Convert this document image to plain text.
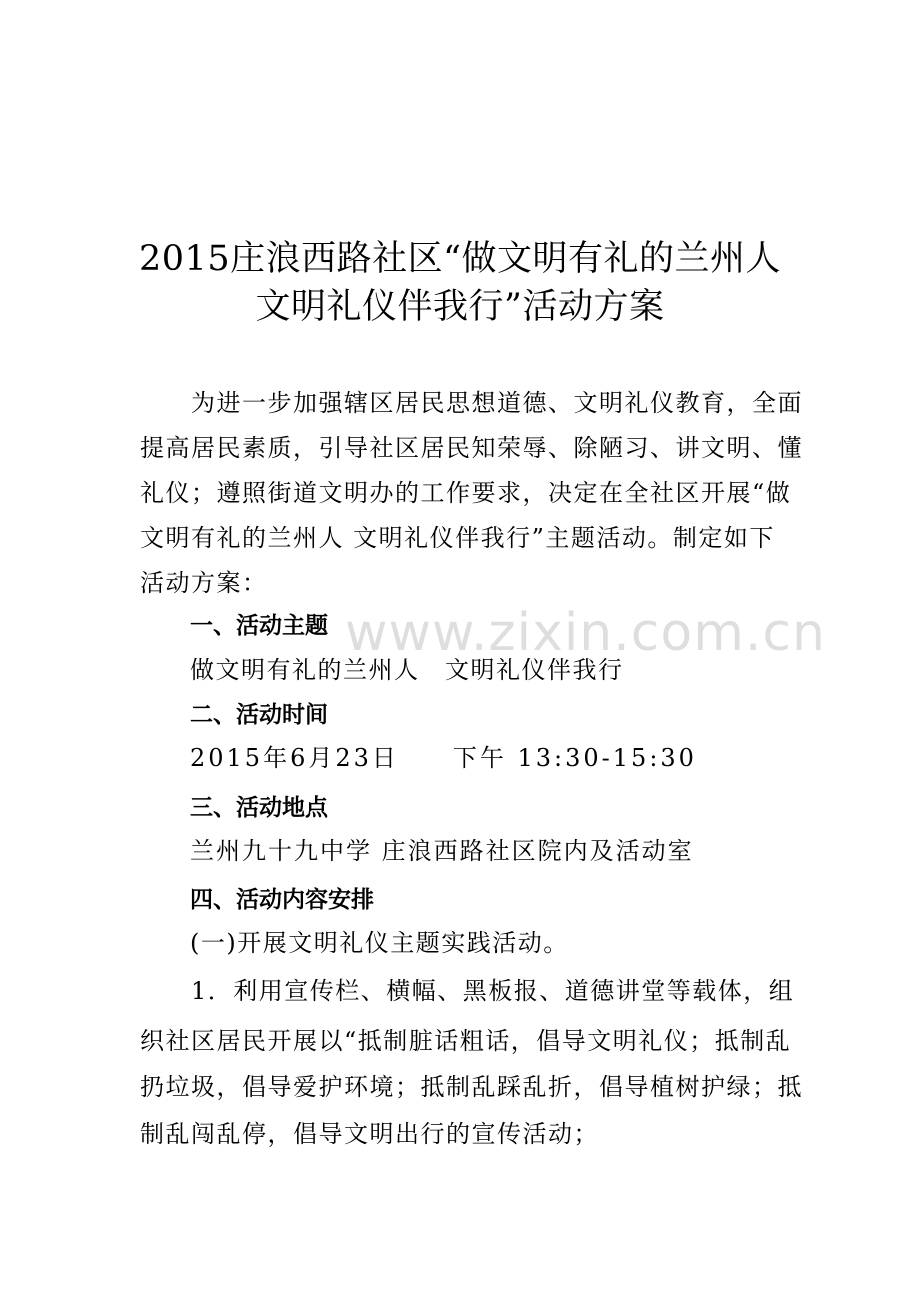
2015庄浪西路社区“做文明有礼的兰州人
文明礼仪伴我行”活动方案
　　为进一步加强辖区居民思想道德、文明礼仪教育，全面
提高居民素质，引导社区居民知荣辱、除陋习、讲文明、懂
礼仪；遵照街道文明办的工作要求，决定在全社区开展“做
文明有礼的兰州人 文明礼仪伴我行”主题活动。制定如下
活动方案：
一、活动主题
做文明有礼的兰州人　文明礼仪伴我行
二、活动时间
2015年6月23日　　下午 13:30-15:30
三、活动地点
兰州九十九中学 庄浪西路社区院内及活动室
四、活动内容安排
(一)开展文明礼仪主题实践活动。
　　1．利用宣传栏、横幅、黑板报、道德讲堂等载体，组
织社区居民开展以“抵制脏话粗话，倡导文明礼仪；抵制乱
扔垃圾，倡导爱护环境；抵制乱踩乱折，倡导植树护绿；抵
制乱闯乱停，倡导文明出行的宣传活动；
www.zixin.com.cn
